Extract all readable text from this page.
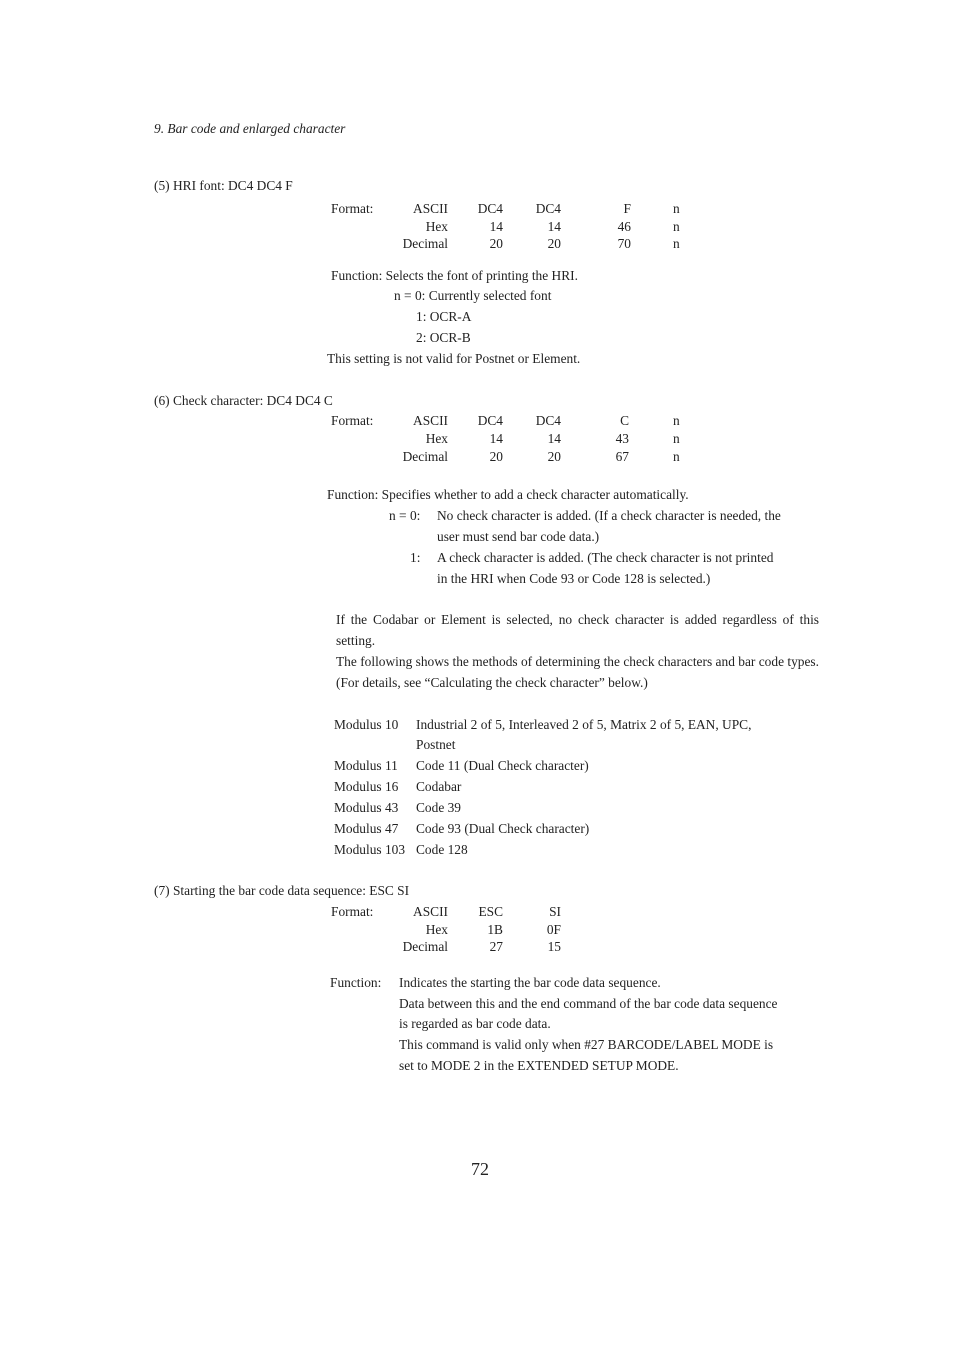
9. Bar code and enlarged character
(5) HRI font: DC4 DC4 F
Format:	ASCII DC4 DC4	F	n
Hex	14	14	46	n
Decimal	20	20	70	n
Function: Selects the font of printing the HRI.
n = 0: Currently selected font
1: OCR-A
2: OCR-B
This setting is not valid for Postnet or Element.
(6) Check character: DC4 DC4 C
Format:	ASCII DC4 DC4	C	n
Hex	14	14	43	n
Decimal	20	20	67	n
Function: Specifies whether to add a check character automatically.
n = 0: No check character is added. (If a check character is needed, the
user must send bar code data.)
1: A check character is added. (The check character is not printed
in the HRI when Code 93 or Code 128 is selected.)
If the Codabar or Element is selected, no check character is added regardless of this setting.
The following shows the methods of determining the check characters and bar code types. (For details, see “Calculating the check character” below.)
Modulus 10 Industrial 2 of 5, Interleaved 2 of 5, Matrix 2 of 5, EAN, UPC,
Postnet
Modulus 11 Code 11 (Dual Check character)
Modulus 16 Codabar
Modulus 43 Code 39
Modulus 47 Code 93 (Dual Check character)
Modulus 103 Code 128
(7) Starting the bar code data sequence: ESC SI
Format:	ASCII ESC	SI
Hex	1B	0F
Decimal	27	15
Function: Indicates the starting the bar code data sequence.
Data between this and the end command of the bar code data sequence
is regarded as bar code data.
This command is valid only when #27 BARCODE/LABEL MODE is
set to MODE 2 in the EXTENDED SETUP MODE.
72
